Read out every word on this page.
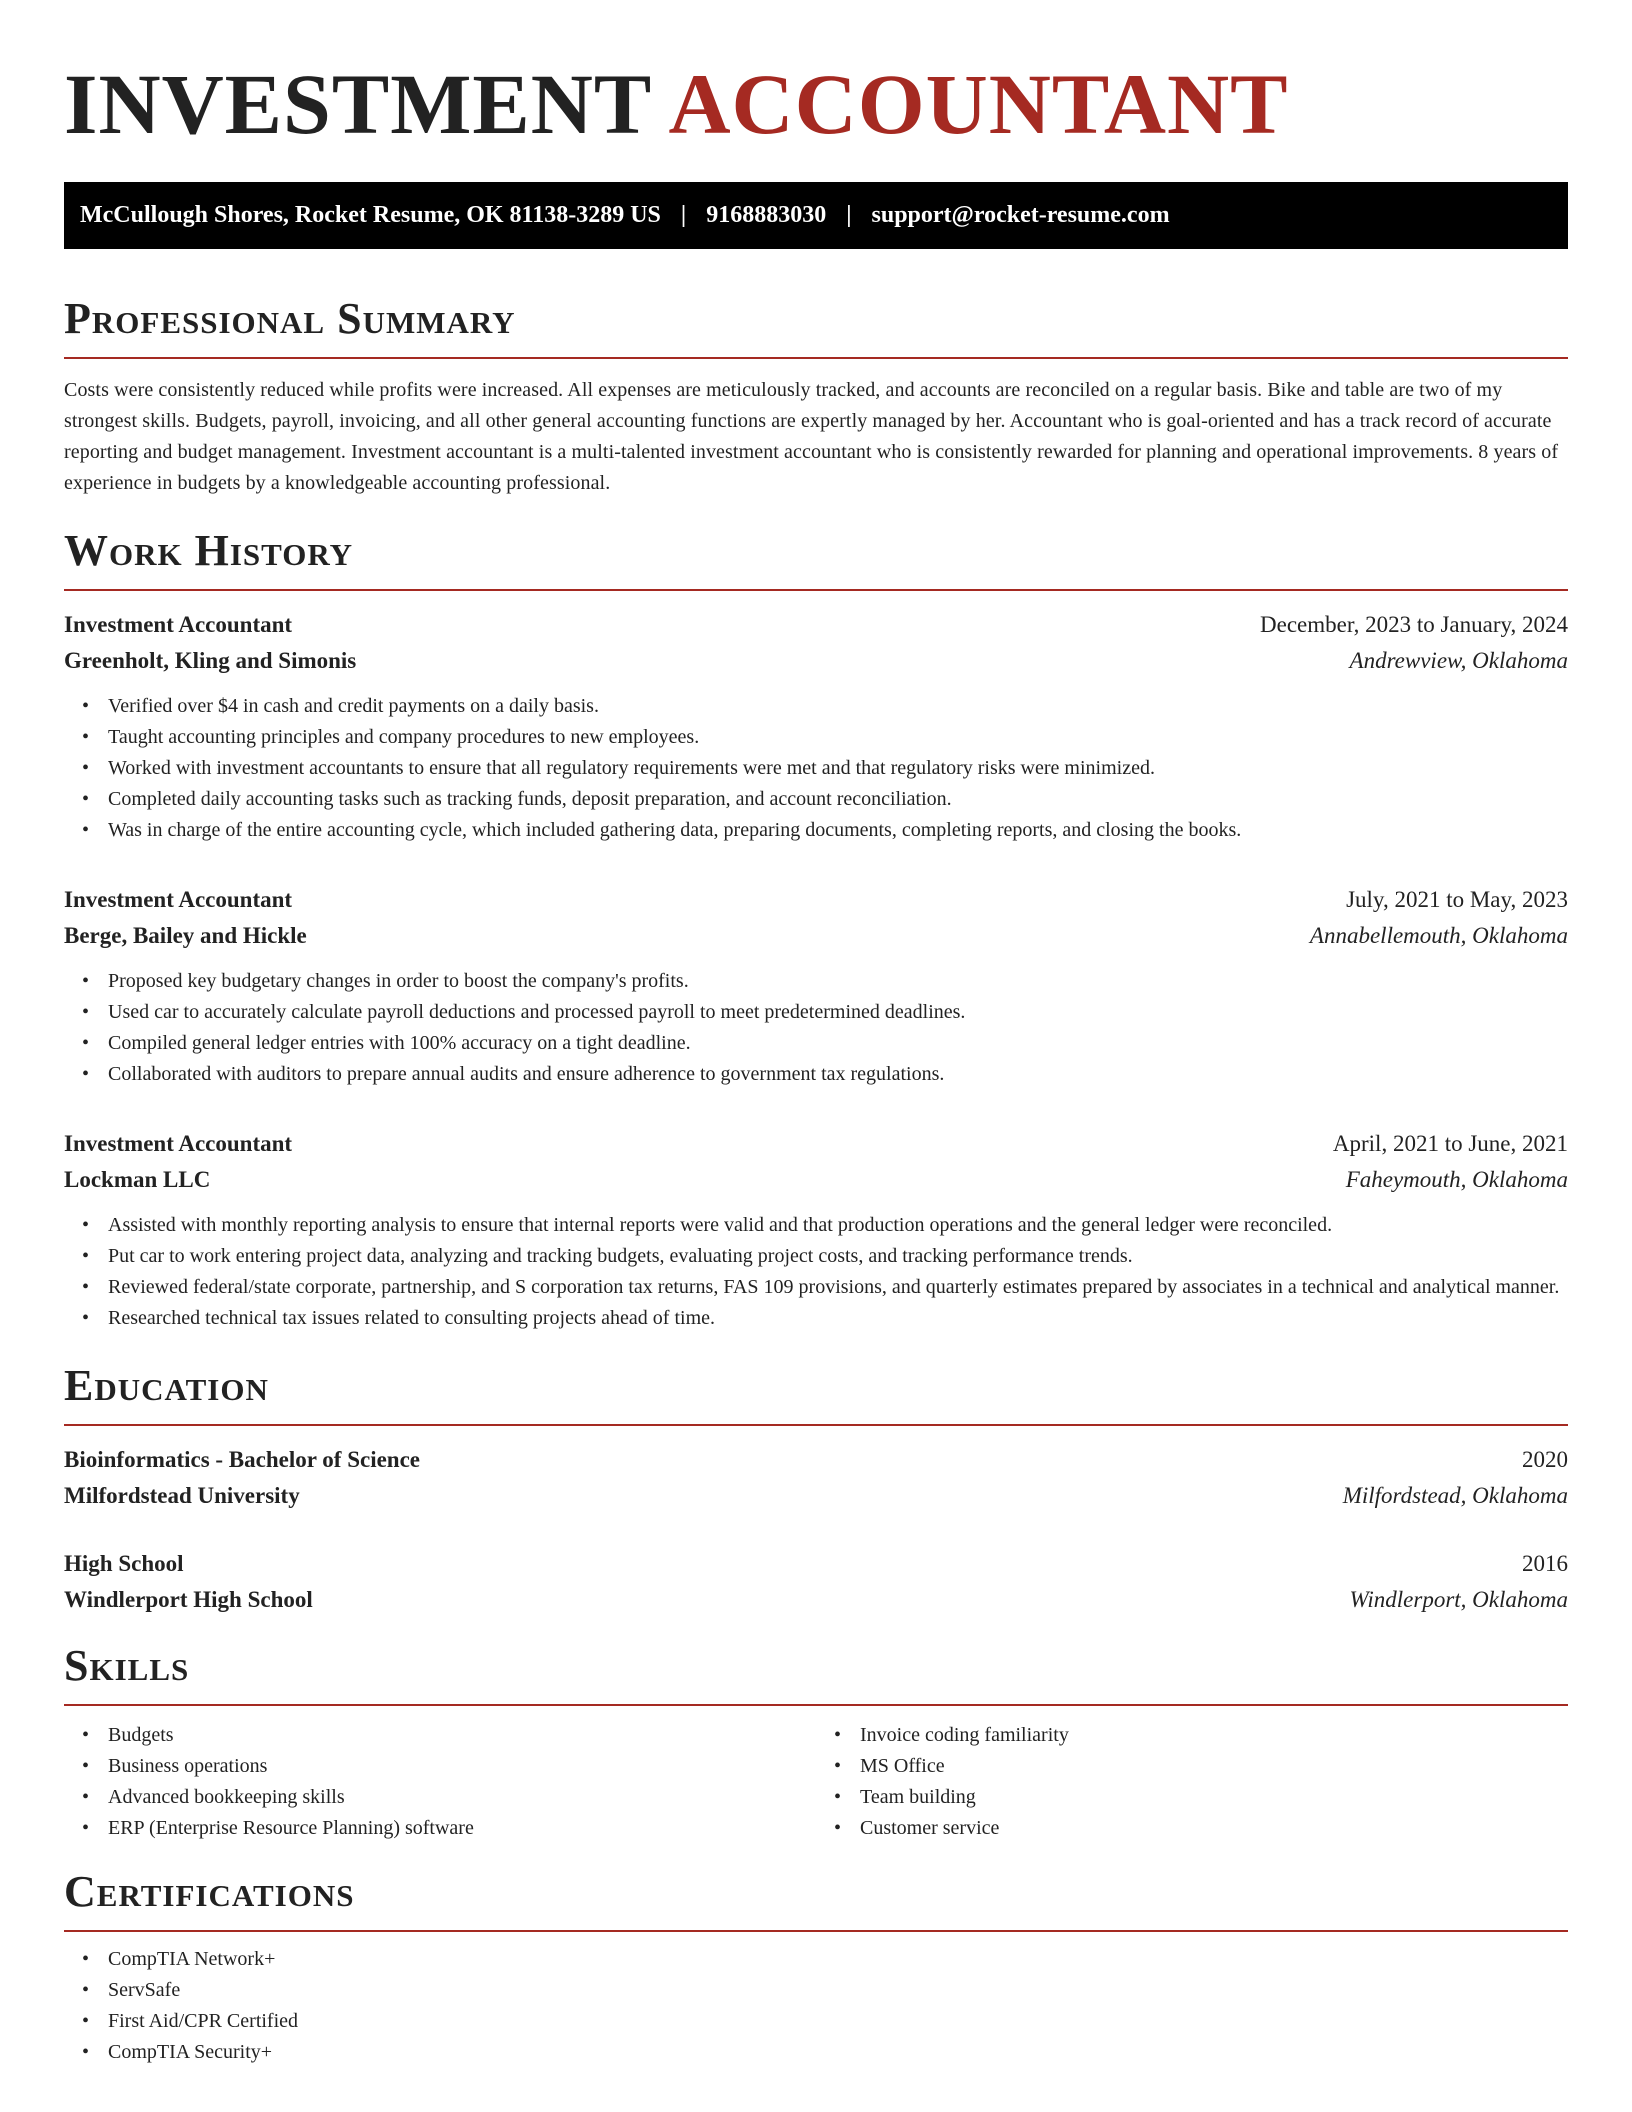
INVESTMENT ACCOUNTANT
McCullough Shores, Rocket Resume, OK 81138-3289 US | 9168883030 | support@rocket-resume.com
Professional Summary
Costs were consistently reduced while profits were increased. All expenses are meticulously tracked, and accounts are reconciled on a regular basis. Bike and table are two of my strongest skills. Budgets, payroll, invoicing, and all other general accounting functions are expertly managed by her. Accountant who is goal-oriented and has a track record of accurate reporting and budget management. Investment accountant is a multi-talented investment accountant who is consistently rewarded for planning and operational improvements. 8 years of experience in budgets by a knowledgeable accounting professional.
Work History
Investment Accountant	December, 2023 to January, 2024
Greenholt, Kling and Simonis	Andrewview, Oklahoma
• Verified over $4 in cash and credit payments on a daily basis.
• Taught accounting principles and company procedures to new employees.
• Worked with investment accountants to ensure that all regulatory requirements were met and that regulatory risks were minimized.
• Completed daily accounting tasks such as tracking funds, deposit preparation, and account reconciliation.
• Was in charge of the entire accounting cycle, which included gathering data, preparing documents, completing reports, and closing the books.
Investment Accountant	July, 2021 to May, 2023
Berge, Bailey and Hickle	Annabellemouth, Oklahoma
• Proposed key budgetary changes in order to boost the company's profits.
• Used car to accurately calculate payroll deductions and processed payroll to meet predetermined deadlines.
• Compiled general ledger entries with 100% accuracy on a tight deadline.
• Collaborated with auditors to prepare annual audits and ensure adherence to government tax regulations.
Investment Accountant	April, 2021 to June, 2021
Lockman LLC	Faheymouth, Oklahoma
• Assisted with monthly reporting analysis to ensure that internal reports were valid and that production operations and the general ledger were reconciled.
• Put car to work entering project data, analyzing and tracking budgets, evaluating project costs, and tracking performance trends.
• Reviewed federal/state corporate, partnership, and S corporation tax returns, FAS 109 provisions, and quarterly estimates prepared by associates in a technical and analytical manner.
• Researched technical tax issues related to consulting projects ahead of time.
Education
Bioinformatics - Bachelor of Science	2020
Milfordstead University	Milfordstead, Oklahoma
High School	2016
Windlerport High School	Windlerport, Oklahoma
Skills
• Budgets
• Business operations
• Advanced bookkeeping skills
• ERP (Enterprise Resource Planning) software
• Invoice coding familiarity
• MS Office
• Team building
• Customer service
Certifications
• CompTIA Network+
• ServSafe
• First Aid/CPR Certified
• CompTIA Security+
